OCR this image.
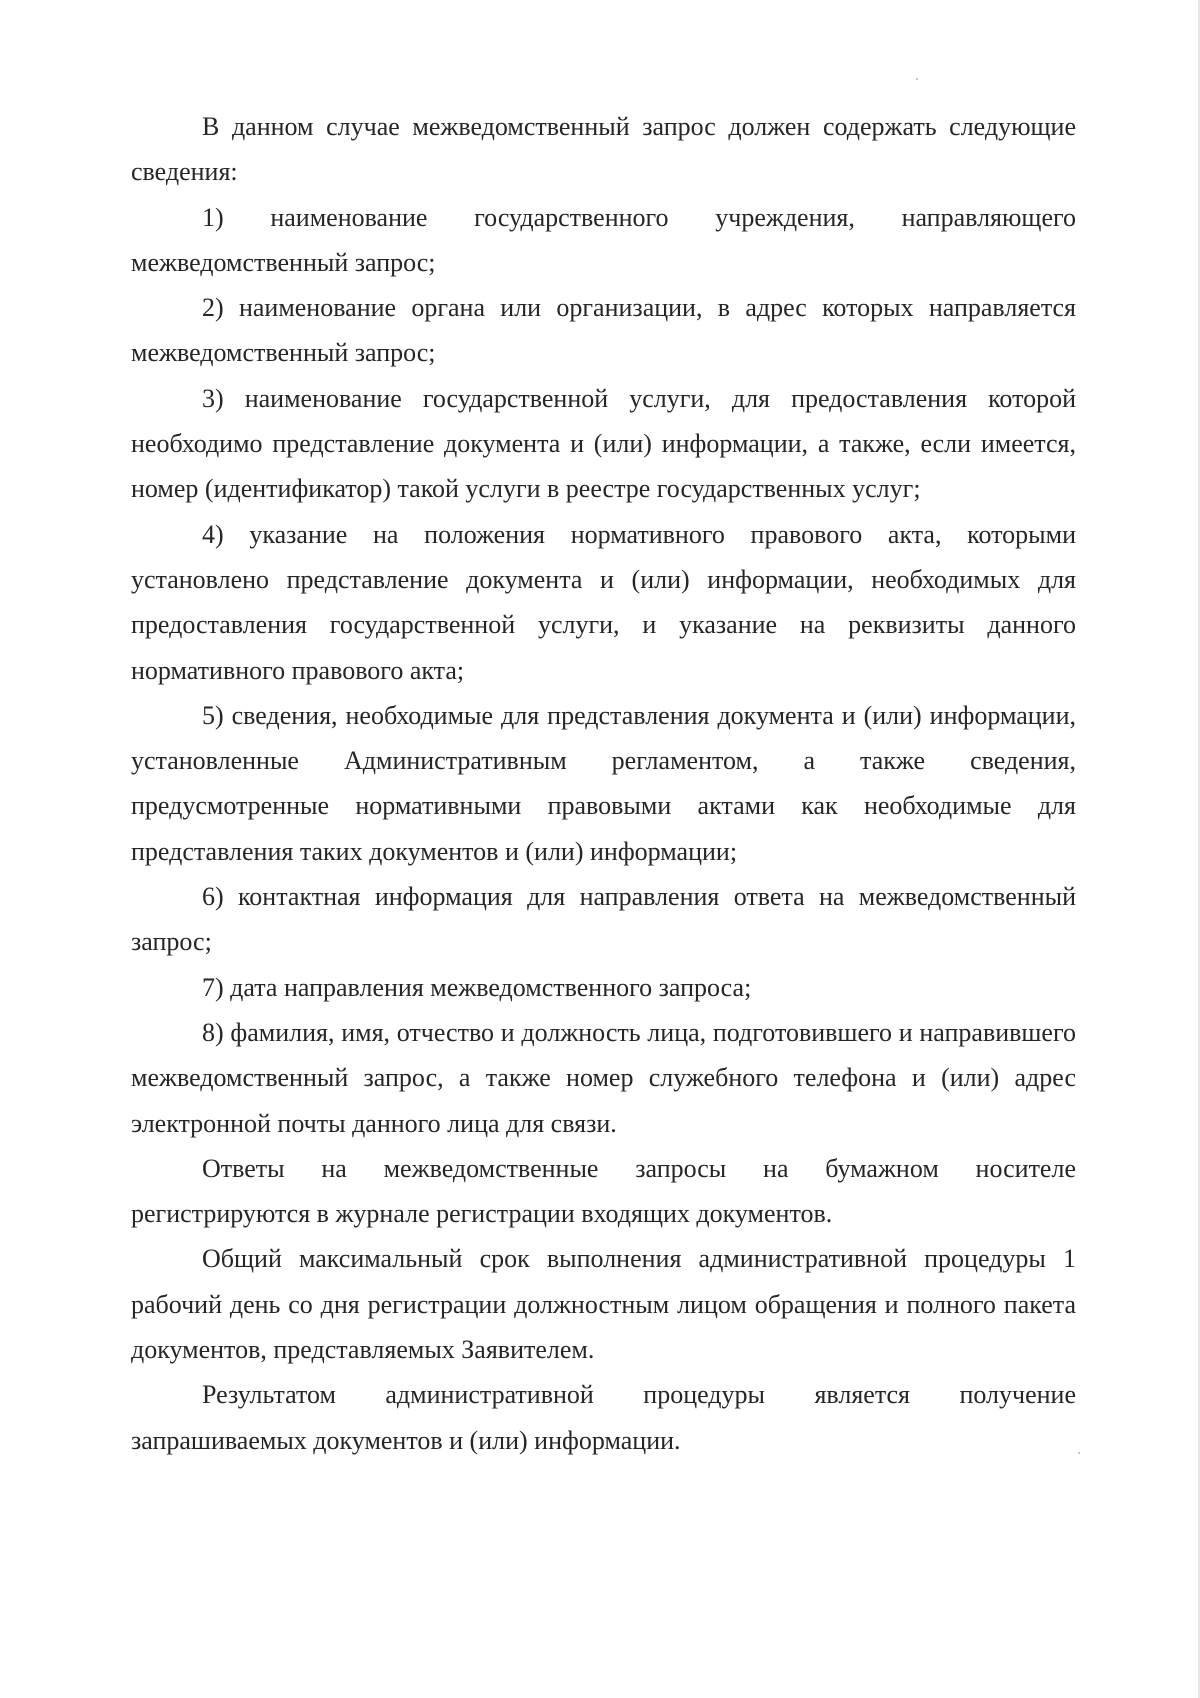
В данном случае межведомственный запрос должен содержать следующие сведения:

1) наименование государственного учреждения, направляющего межведомственный запрос;

2) наименование органа или организации, в адрес которых направляется межведомственный запрос;

3) наименование государственной услуги, для предоставления которой необходимо представление документа и (или) информации, а также, если имеется, номер (идентификатор) такой услуги в реестре государственных услуг;

4) указание на положения нормативного правового акта, которыми установлено представление документа и (или) информации, необходимых для предоставления государственной услуги, и указание на реквизиты данного нормативного правового акта;

5) сведения, необходимые для представления документа и (или) информации, установленные Административным регламентом, а также сведения, предусмотренные нормативными правовыми актами как необходимые для представления таких документов и (или) информации;

6) контактная информация для направления ответа на межведомственный запрос;

7) дата направления межведомственного запроса;

8) фамилия, имя, отчество и должность лица, подготовившего и направившего межведомственный запрос, а также номер служебного телефона и (или) адрес электронной почты данного лица для связи.

Ответы на межведомственные запросы на бумажном носителе регистрируются в журнале регистрации входящих документов.

Общий максимальный срок выполнения административной процедуры 1 рабочий день со дня регистрации должностным лицом обращения и полного пакета документов, представляемых Заявителем.

Результатом административной процедуры является получение запрашиваемых документов и (или) информации.
